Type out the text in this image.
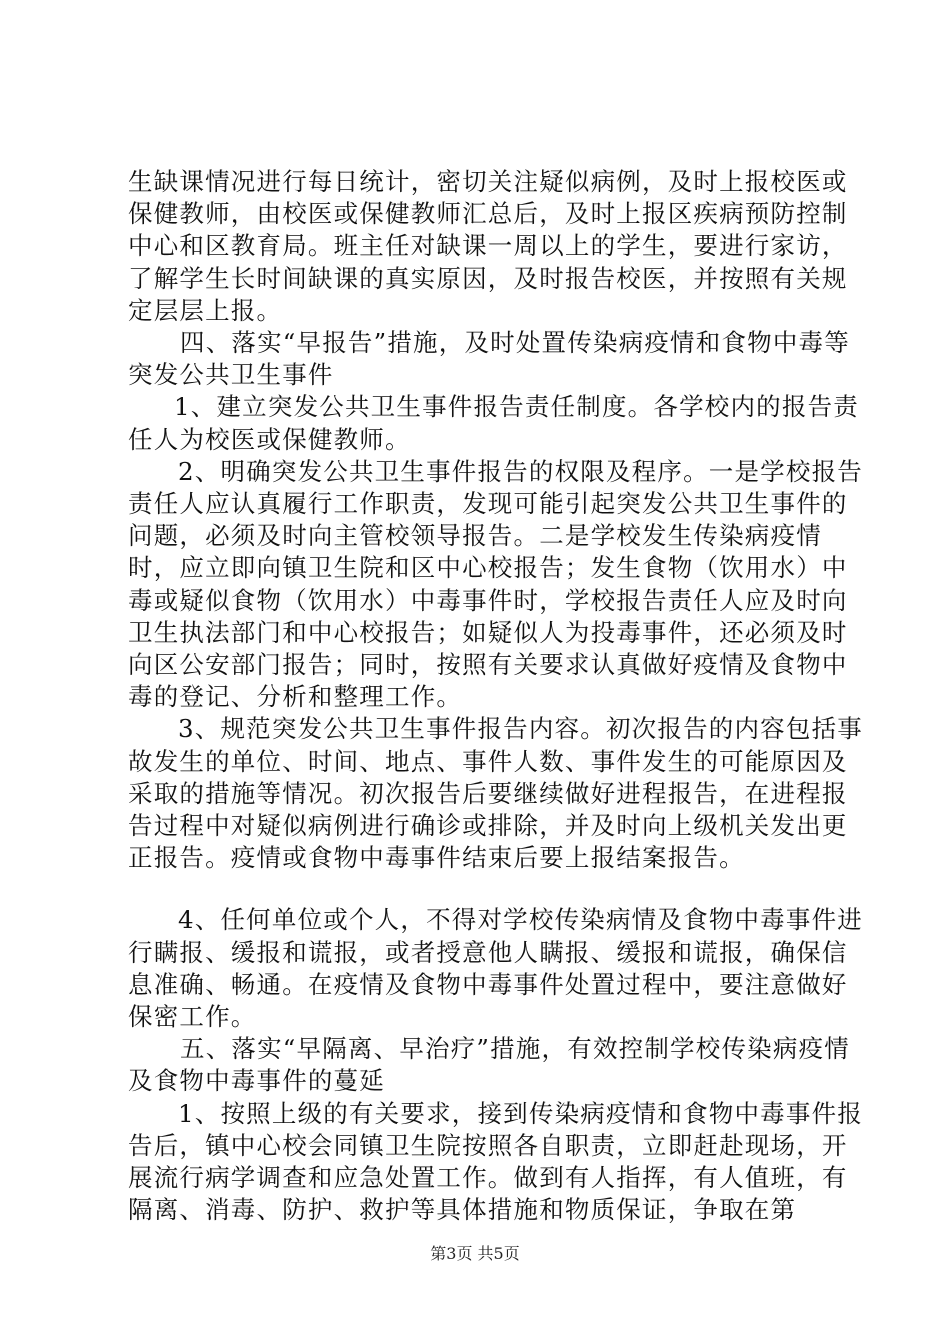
生缺课情况进行每日统计，密切关注疑似病例，及时上报校医或保健教师，由校医或保健教师汇总后，及时上报区疾病预防控制中心和区教育局。班主任对缺课一周以上的学生，要进行家访，了解学生长时间缺课的真实原因，及时报告校医，并按照有关规定层层上报。

四、落实“早报告”措施，及时处置传染病疫情和食物中毒等突发公共卫生事件

1、建立突发公共卫生事件报告责任制度。各学校内的报告责任人为校医或保健教师。

2、明确突发公共卫生事件报告的权限及程序。一是学校报告责任人应认真履行工作职责，发现可能引起突发公共卫生事件的问题，必须及时向主管校领导报告。二是学校发生传染病疫情时，应立即向镇卫生院和区中心校报告；发生食物（饮用水）中毒或疑似食物（饮用水）中毒事件时，学校报告责任人应及时向卫生执法部门和中心校报告；如疑似人为投毒事件，还必须及时向区公安部门报告；同时，按照有关要求认真做好疫情及食物中毒的登记、分析和整理工作。

3、规范突发公共卫生事件报告内容。初次报告的内容包括事故发生的单位、时间、地点、事件人数、事件发生的可能原因及采取的措施等情况。初次报告后要继续做好进程报告，在进程报告过程中对疑似病例进行确诊或排除，并及时向上级机关发出更正报告。疫情或食物中毒事件结束后要上报结案报告。

4、任何单位或个人，不得对学校传染病情及食物中毒事件进行瞒报、缓报和谎报，或者授意他人瞒报、缓报和谎报，确保信息准确、畅通。在疫情及食物中毒事件处置过程中，要注意做好保密工作。

五、落实“早隔离、早治疗”措施，有效控制学校传染病疫情及食物中毒事件的蔓延

1、按照上级的有关要求，接到传染病疫情和食物中毒事件报告后，镇中心校会同镇卫生院按照各自职责，立即赶赴现场，开展流行病学调查和应急处置工作。做到有人指挥，有人值班，有隔离、消毒、防护、救护等具体措施和物质保证，争取在第

第3页 共5页
